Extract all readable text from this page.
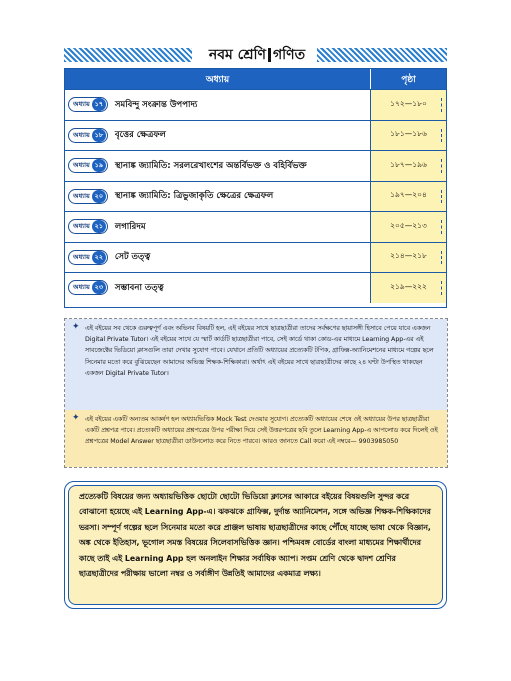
নবম শ্রেণি গণিত
অধ্যায়	পৃষ্ঠা
অধ্যায় ১৭	সমবিন্দু সংক্রান্ত উপপাদ্য	১৭২—১৮০
অধ্যায় ১৮	বৃত্তের ক্ষেত্রফল	১৮১—১৮৬
অধ্যায় ১৯	স্থানাঙ্ক জ্যামিতি: সরলরেখাংশের অন্তর্বিভক্ত ও বহির্বিভক্ত	১৮৭—১৯৬
অধ্যায় ২০	স্থানাঙ্ক জ্যামিতি: ত্রিভুজাকৃতি ক্ষেত্রের ক্ষেত্রফল	১৯৭—২০৪
অধ্যায় ২১	লগারিদম	২০৫—২১৩
অধ্যায় ২২	সেট তত্ত্ব	২১৪—২১৮
অধ্যায় ২৩	সম্ভাবনা তত্ত্ব	২১৯—২২২
✦ এই বইয়ের সব থেকে গুরুত্বপূর্ণ এবং অভিনব বিষয়টি হল, এই বইয়ের সাথে ছাত্রছাত্রীরা তাদের সর্বক্ষণের ছায়াসঙ্গী হিসাবে পেয়ে যাবে একজন Digital Private Tutor। এই বইয়ের সাথে যে স্মার্ট কার্ডটি ছাত্রছাত্রীরা পাবে, সেই কার্ডে থাকা কোড-এর মাধ্যমে Learning App-এর এই সাবজেক্টের ভিডিয়ো ক্লাসগুলি তারা দেখার সুযোগ পাবে। যেখানে প্রতিটি অধ্যায়ের প্রত্যেকটি টপিক, গ্রাফিক্স-অ্যানিমেশনের মাধ্যমে গল্পের ছলে সিনেমার মতো করে বুঝিয়েছেন আমাদের অভিজ্ঞ শিক্ষক-শিক্ষিকারা। অর্থাৎ এই বইয়ের সাথে ছাত্রছাত্রীদের কাছে ২৪ ঘণ্টা উপস্থিত থাকছেন একজন Digital Private Tutor।
✦ এই বইয়ের একটি অন্যতম আকর্ষণ হল অধ্যায়ভিত্তিক Mock Test দেওয়ার সুযোগ। প্রত্যেকটি অধ্যায়ের শেষে ওই অধ্যায়ের উপর ছাত্রছাত্রীরা একটি প্রশ্নপত্র পাবে। প্রত্যেকটি অধ্যায়ের প্রশ্নপত্রের উপর পরীক্ষা দিয়ে সেই উত্তরপত্রের ছবি তুলে Learning App-এ আপলোড করে দিলেই ওই প্রশ্নপত্রের Model Answer ছাত্রছাত্রীরা ডাউনলোড করে নিতে পারবে। আরও জানতে Call করো এই নম্বরে— 9903985050
প্রত্যেকটি বিষয়ের জন্য অধ্যায়ভিত্তিক ছোটো ছোটো ভিডিয়ো ক্লাসের আকারে বইয়ের বিষয়গুলি সুন্দর করে বোঝানো হয়েছে এই Learning App-এ। ঝকঝকে গ্রাফিক্স, দুর্দান্ত অ্যানিমেশন, সঙ্গে অভিজ্ঞ শিক্ষক-শিক্ষিকাদের ভরসা। সম্পূর্ণ গল্পের ছলে সিনেমার মতো করে প্রাঞ্জল ভাষায় ছাত্রছাত্রীদের কাছে পৌঁছে যাচ্ছে ভাষা থেকে বিজ্ঞান, অঙ্ক থেকে ইতিহাস, ভূগোল সমস্ত বিষয়ের সিলেবাসভিত্তিক জ্ঞান। পশ্চিমবঙ্গ বোর্ডের বাংলা মাধ্যমের শিক্ষার্থীদের কাছে তাই এই Learning App হল অনলাইন শিক্ষার সর্বাধিক অ্যাপ। সপ্তম শ্রেণি থেকে দ্বাদশ শ্রেণির ছাত্রছাত্রীদের পরীক্ষায় ভালো নম্বর ও সর্বাঙ্গীণ উন্নতিই আমাদের একমাত্র লক্ষ্য।
